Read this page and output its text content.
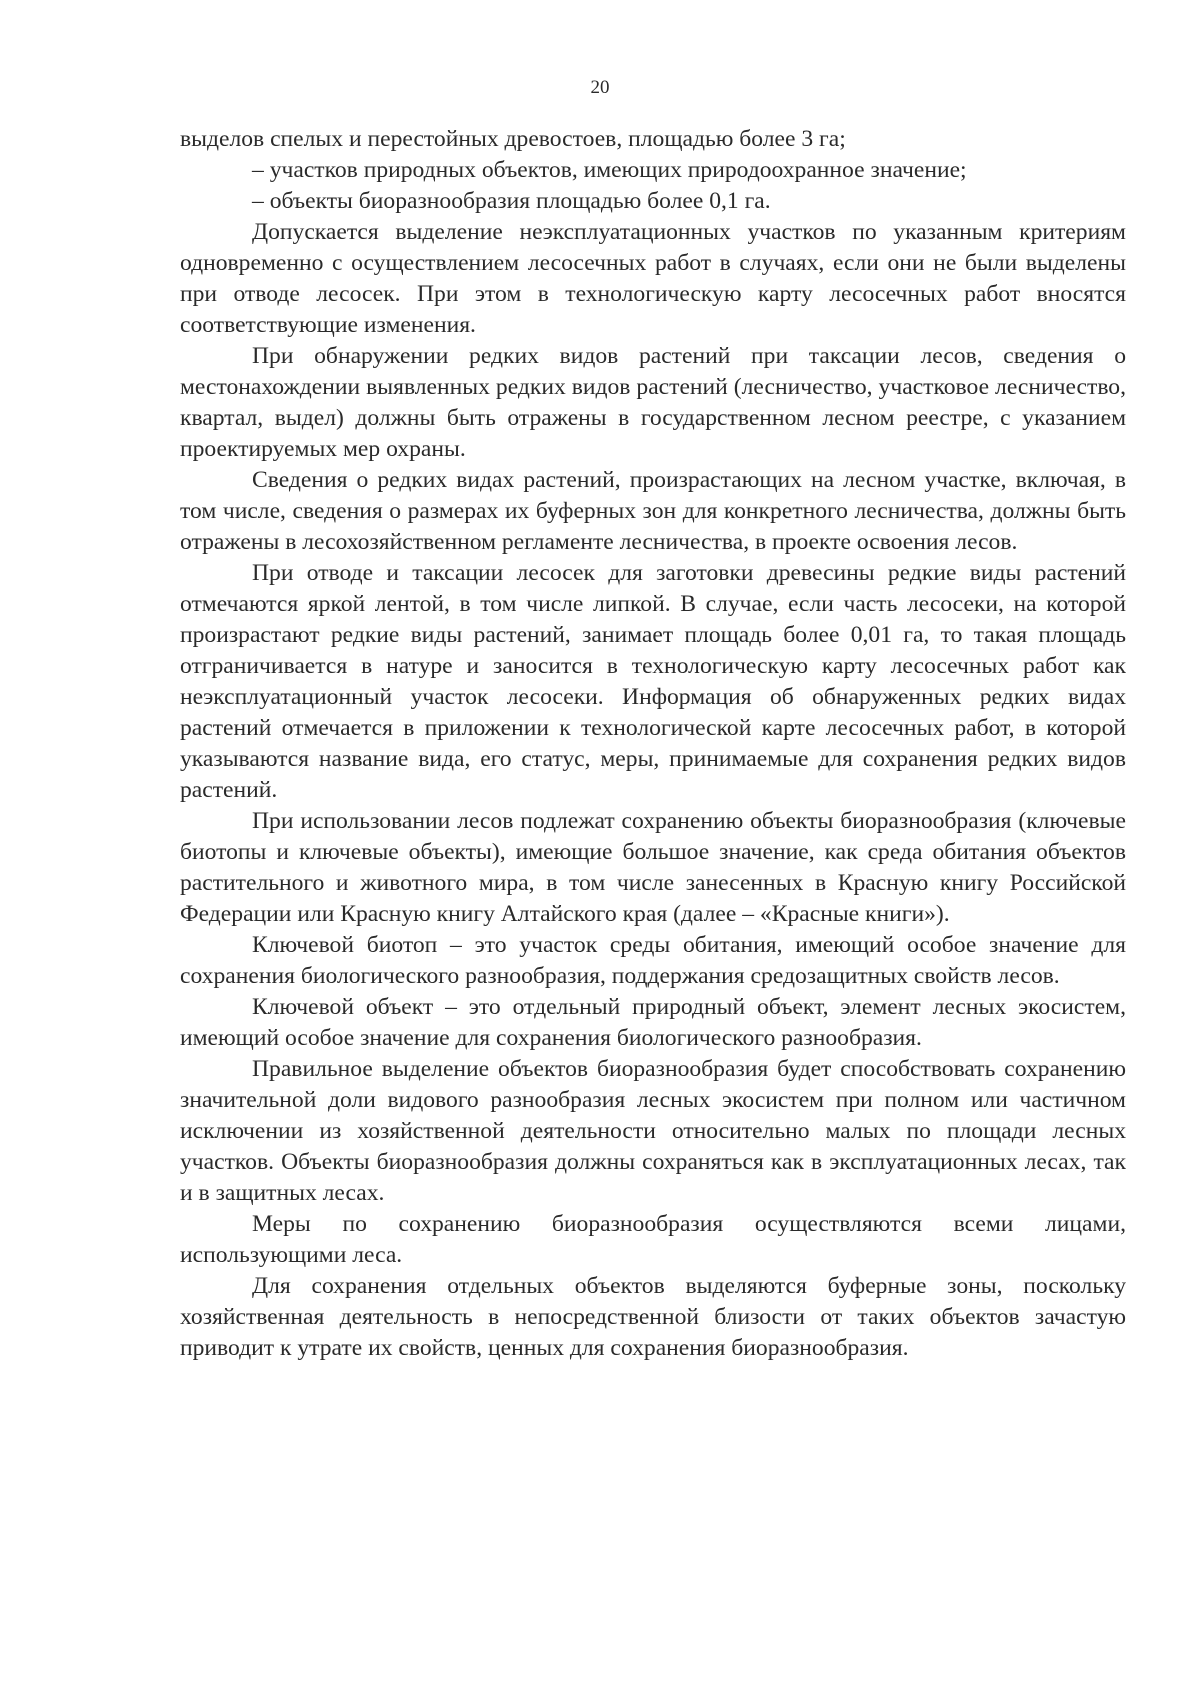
20

выделов спелых и перестойных древостоев, площадью более 3 га;

– участков природных объектов, имеющих природоохранное значение;

– объекты биоразнообразия площадью более 0,1 га.

Допускается выделение неэксплуатационных участков по указанным критериям одновременно с осуществлением лесосечных работ в случаях, если они не были выделены при отводе лесосек. При этом в технологическую карту лесосечных работ вносятся соответствующие изменения.

При обнаружении редких видов растений при таксации лесов, сведения о местонахождении выявленных редких видов растений (лесничество, участковое лесничество, квартал, выдел) должны быть отражены в государственном лесном реестре, с указанием проектируемых мер охраны.

Сведения о редких видах растений, произрастающих на лесном участке, включая, в том числе, сведения о размерах их буферных зон для конкретного лесничества, должны быть отражены в лесохозяйственном регламенте лесничества, в проекте освоения лесов.

При отводе и таксации лесосек для заготовки древесины редкие виды растений отмечаются яркой лентой, в том числе липкой. В случае, если часть лесосеки, на которой произрастают редкие виды растений, занимает площадь более 0,01 га, то такая площадь отграничивается в натуре и заносится в технологическую карту лесосечных работ как неэксплуатационный участок лесосеки. Информация об обнаруженных редких видах растений отмечается в приложении к технологической карте лесосечных работ, в которой указываются название вида, его статус, меры, принимаемые для сохранения редких видов растений.

При использовании лесов подлежат сохранению объекты биоразнообразия (ключевые биотопы и ключевые объекты), имеющие большое значение, как среда обитания объектов растительного и животного мира, в том числе занесенных в Красную книгу Российской Федерации или Красную книгу Алтайского края (далее – «Красные книги»).

Ключевой биотоп – это участок среды обитания, имеющий особое значение для сохранения биологического разнообразия, поддержания средозащитных свойств лесов.

Ключевой объект – это отдельный природный объект, элемент лесных экосистем, имеющий особое значение для сохранения биологического разнообразия.

Правильное выделение объектов биоразнообразия будет способствовать сохранению значительной доли видового разнообразия лесных экосистем при полном или частичном исключении из хозяйственной деятельности относительно малых по площади лесных участков. Объекты биоразнообразия должны сохраняться как в эксплуатационных лесах, так и в защитных лесах.

Меры по сохранению биоразнообразия осуществляются всеми лицами, использующими леса.

Для сохранения отдельных объектов выделяются буферные зоны, поскольку хозяйственная деятельность в непосредственной близости от таких объектов зачастую приводит к утрате их свойств, ценных для сохранения биоразнообразия.
